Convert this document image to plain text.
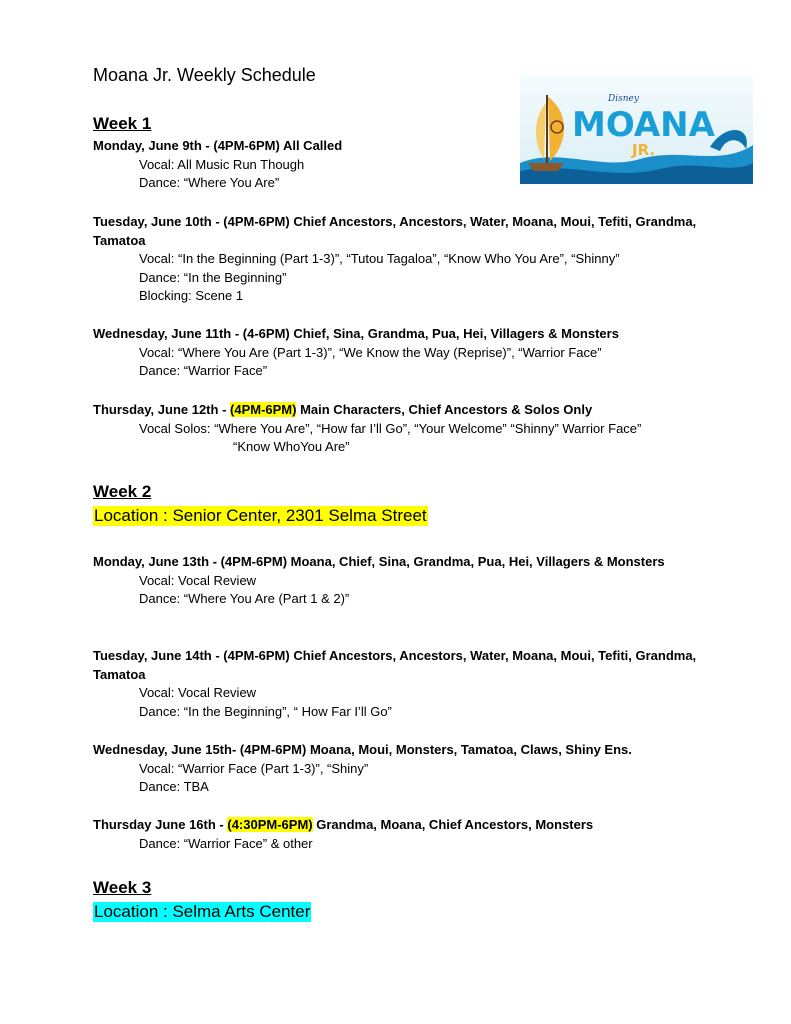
Moana Jr. Weekly Schedule
Disney
MOANA
JR.
Week 1

Monday, June 9th - (4PM-6PM) All Called

Vocal: All Music Run Though

Dance: “Where You Are”

Tuesday, June 10th - (4PM-6PM) Chief Ancestors, Ancestors, Water, Moana, Moui, Tefiti, Grandma, Tamatoa

Vocal: “In the Beginning (Part 1-3)”, “Tutou Tagaloa”, “Know Who You Are”, “Shinny”

Dance: “In the Beginning”

Blocking: Scene 1

Wednesday, June 11th - (4-6PM) Chief, Sina, Grandma, Pua, Hei, Villagers & Monsters

Vocal: “Where You Are (Part 1-3)”, “We Know the Way (Reprise)”, “Warrior Face”

Dance: “Warrior Face”

Thursday, June 12th - (4PM-6PM) Main Characters, Chief Ancestors & Solos Only

Vocal Solos: “Where You Are”, “How far I’ll Go”, “Your Welcome” “Shinny” Warrior Face”

“Know WhoYou Are”

Week 2
Location : Senior Center, 2301 Selma Street

Monday, June 13th - (4PM-6PM) Moana, Chief, Sina, Grandma, Pua, Hei, Villagers & Monsters

Vocal: Vocal Review

Dance: “Where You Are (Part 1 & 2)”

Tuesday, June 14th - (4PM-6PM) Chief Ancestors, Ancestors, Water, Moana, Moui, Tefiti, Grandma, Tamatoa

Vocal: Vocal Review

Dance: “In the Beginning”, “ How Far I’ll Go”

Wednesday, June 15th- (4PM-6PM) Moana, Moui, Monsters, Tamatoa, Claws, Shiny Ens.

Vocal: “Warrior Face (Part 1-3)”, “Shiny”

Dance: TBA

Thursday June 16th - (4:30PM-6PM) Grandma, Moana, Chief Ancestors, Monsters

Dance: “Warrior Face” & other

Week 3
Location : Selma Arts Center
